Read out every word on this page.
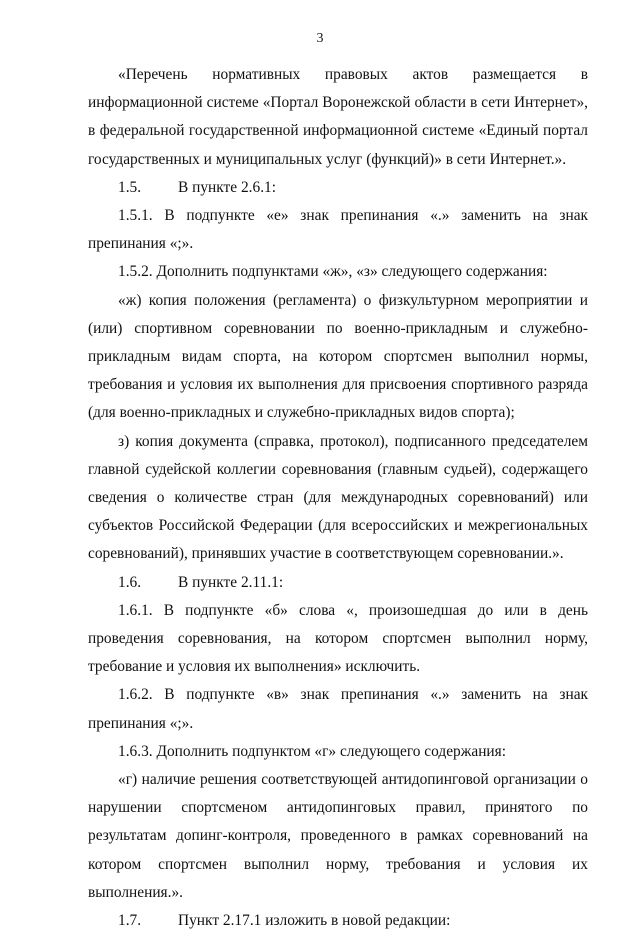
3

«Перечень нормативных правовых актов размещается в информационной системе «Портал Воронежской области в сети Интернет», в федеральной государственной информационной системе «Единый портал государственных и муниципальных услуг (функций)» в сети Интернет.».

1.5. В пункте 2.6.1:

1.5.1. В подпункте «е» знак препинания «.» заменить на знак препинания «;».

1.5.2. Дополнить подпунктами «ж», «з» следующего содержания:

«ж) копия положения (регламента) о физкультурном мероприятии и (или) спортивном соревновании по военно-прикладным и служебно-прикладным видам спорта, на котором спортсмен выполнил нормы, требования и условия их выполнения для присвоения спортивного разряда (для военно-прикладных и служебно-прикладных видов спорта);

з) копия документа (справка, протокол), подписанного председателем главной судейской коллегии соревнования (главным судьей), содержащего сведения о количестве стран (для международных соревнований) или субъектов Российской Федерации (для всероссийских и межрегиональных соревнований), принявших участие в соответствующем соревновании.».

1.6. В пункте 2.11.1:

1.6.1. В подпункте «б» слова «, произошедшая до или в день проведения соревнования, на котором спортсмен выполнил норму, требование и условия их выполнения» исключить.

1.6.2. В подпункте «в» знак препинания «.» заменить на знак препинания «;».

1.6.3. Дополнить подпунктом «г» следующего содержания:

«г) наличие решения соответствующей антидопинговой организации о нарушении спортсменом антидопинговых правил, принятого по результатам допинг-контроля, проведенного в рамках соревнований на котором спортсмен выполнил норму, требования и условия их выполнения.».

1.7. Пункт 2.17.1 изложить в новой редакции:
